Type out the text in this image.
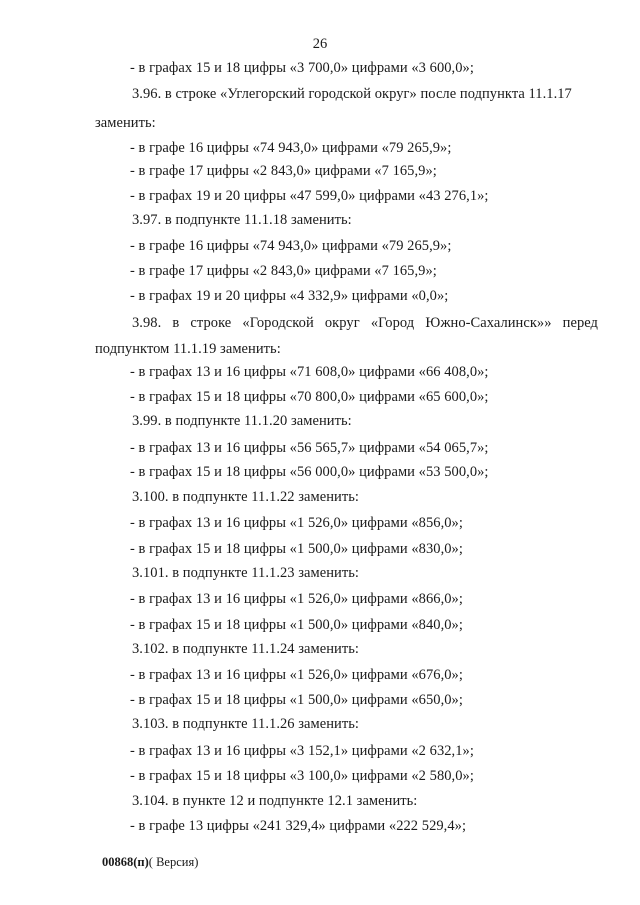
26
- в графах 15 и 18 цифры «3 700,0» цифрами «3 600,0»;
3.96. в строке «Углегорский городской округ» после подпункта 11.1.17
заменить:
- в графе 16 цифры «74 943,0» цифрами «79 265,9»;
- в графе 17 цифры «2 843,0» цифрами «7 165,9»;
- в графах 19 и 20 цифры «47 599,0» цифрами «43 276,1»;
3.97. в подпункте 11.1.18 заменить:
- в графе 16 цифры «74 943,0» цифрами «79 265,9»;
- в графе 17 цифры «2 843,0» цифрами «7 165,9»;
- в графах 19 и 20 цифры «4 332,9» цифрами «0,0»;
3.98. в строке «Городской округ «Город Южно-Сахалинск»» перед
подпунктом 11.1.19 заменить:
- в графах 13 и 16 цифры «71 608,0» цифрами «66 408,0»;
- в графах 15 и 18 цифры «70 800,0» цифрами «65 600,0»;
3.99. в подпункте 11.1.20 заменить:
- в графах 13 и 16 цифры «56 565,7» цифрами «54 065,7»;
- в графах 15 и 18 цифры «56 000,0» цифрами «53 500,0»;
3.100. в подпункте 11.1.22 заменить:
- в графах 13 и 16 цифры «1 526,0» цифрами «856,0»;
- в графах 15 и 18 цифры «1 500,0» цифрами «830,0»;
3.101. в подпункте 11.1.23 заменить:
- в графах 13 и 16 цифры «1 526,0» цифрами «866,0»;
- в графах 15 и 18 цифры «1 500,0» цифрами «840,0»;
3.102. в подпункте 11.1.24 заменить:
- в графах 13 и 16 цифры «1 526,0» цифрами «676,0»;
- в графах 15 и 18 цифры «1 500,0» цифрами «650,0»;
3.103. в подпункте 11.1.26 заменить:
- в графах 13 и 16 цифры «3 152,1» цифрами «2 632,1»;
- в графах 15 и 18 цифры «3 100,0» цифрами «2 580,0»;
3.104. в пункте 12 и подпункте 12.1 заменить:
- в графе 13 цифры «241 329,4» цифрами «222 529,4»;
00868(п)( Версия)
